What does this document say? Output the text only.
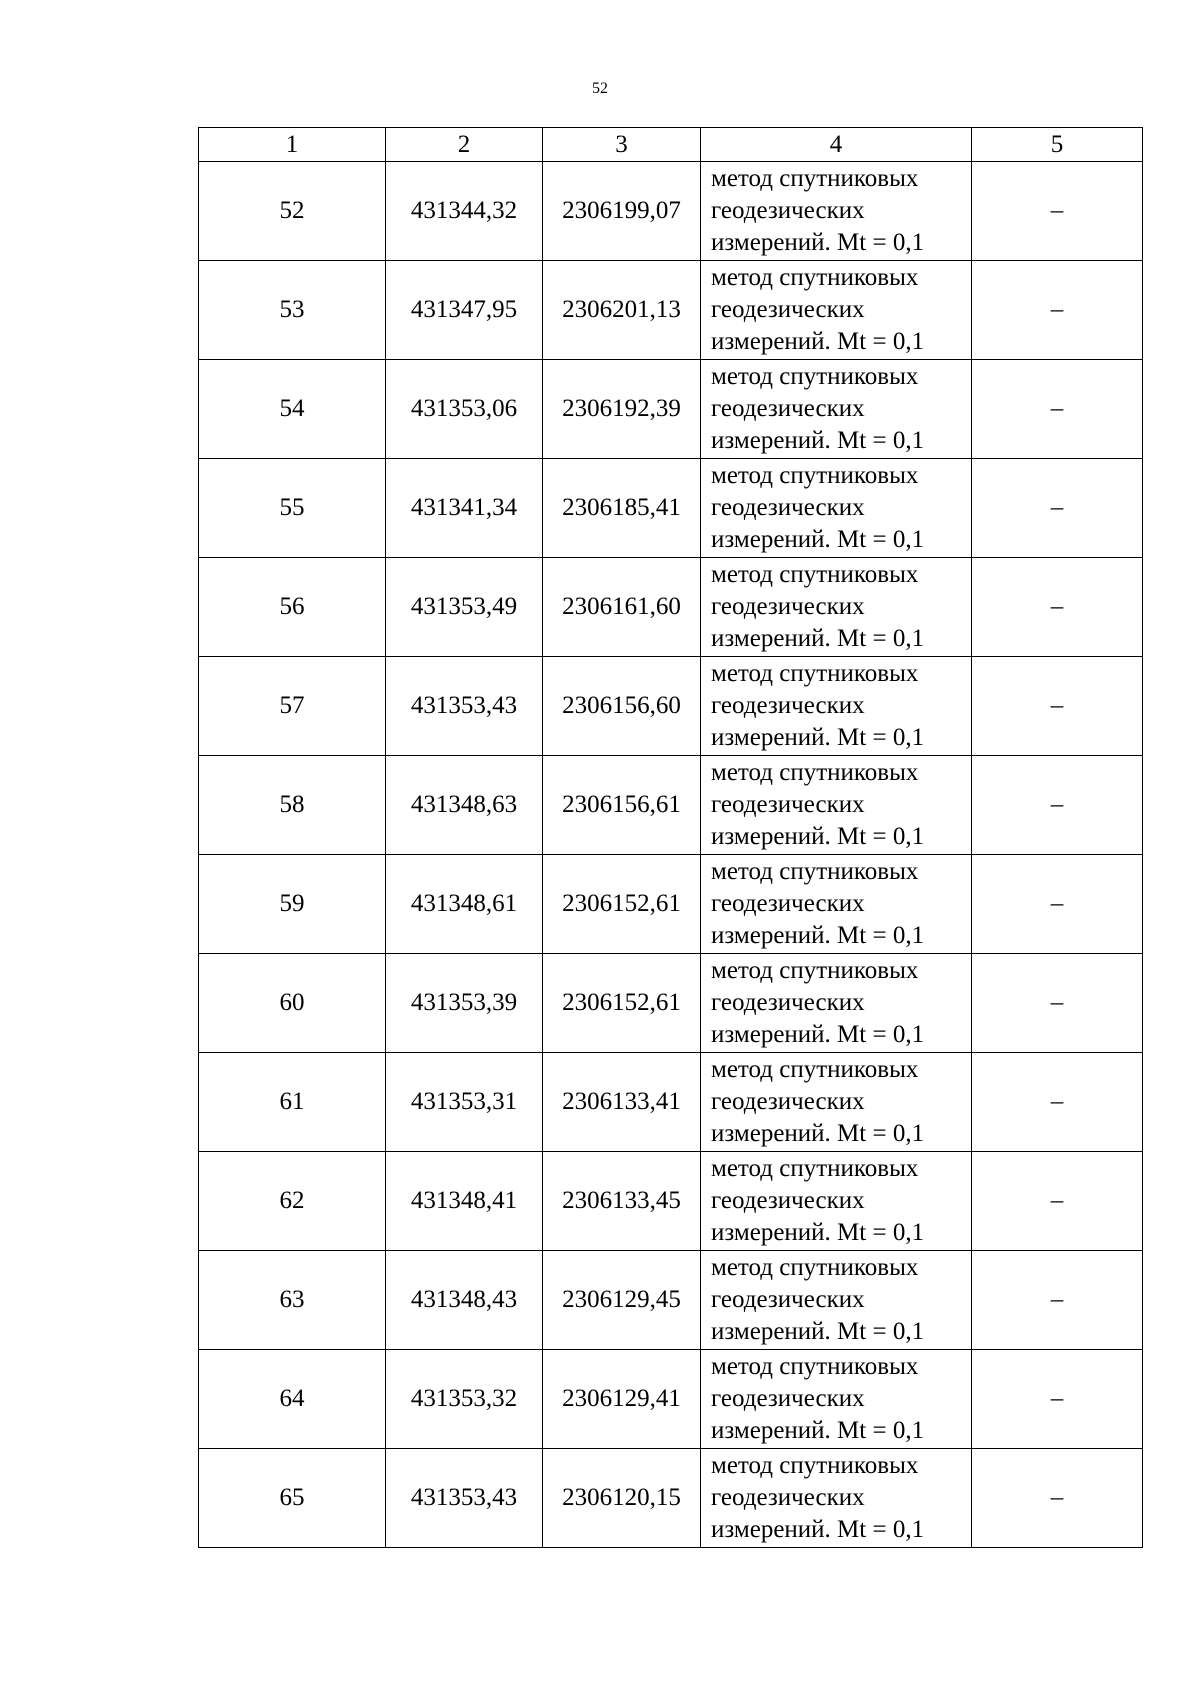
52
1	2	3	4	5
52	431344,32	2306199,07	метод спутниковых
геодезических
измерений. Mt = 0,1	–
53	431347,95	2306201,13	метод спутниковых
геодезических
измерений. Mt = 0,1	–
54	431353,06	2306192,39	метод спутниковых
геодезических
измерений. Mt = 0,1	–
55	431341,34	2306185,41	метод спутниковых
геодезических
измерений. Mt = 0,1	–
56	431353,49	2306161,60	метод спутниковых
геодезических
измерений. Mt = 0,1	–
57	431353,43	2306156,60	метод спутниковых
геодезических
измерений. Mt = 0,1	–
58	431348,63	2306156,61	метод спутниковых
геодезических
измерений. Mt = 0,1	–
59	431348,61	2306152,61	метод спутниковых
геодезических
измерений. Mt = 0,1	–
60	431353,39	2306152,61	метод спутниковых
геодезических
измерений. Mt = 0,1	–
61	431353,31	2306133,41	метод спутниковых
геодезических
измерений. Mt = 0,1	–
62	431348,41	2306133,45	метод спутниковых
геодезических
измерений. Mt = 0,1	–
63	431348,43	2306129,45	метод спутниковых
геодезических
измерений. Mt = 0,1	–
64	431353,32	2306129,41	метод спутниковых
геодезических
измерений. Mt = 0,1	–
65	431353,43	2306120,15	метод спутниковых
геодезических
измерений. Mt = 0,1	–
